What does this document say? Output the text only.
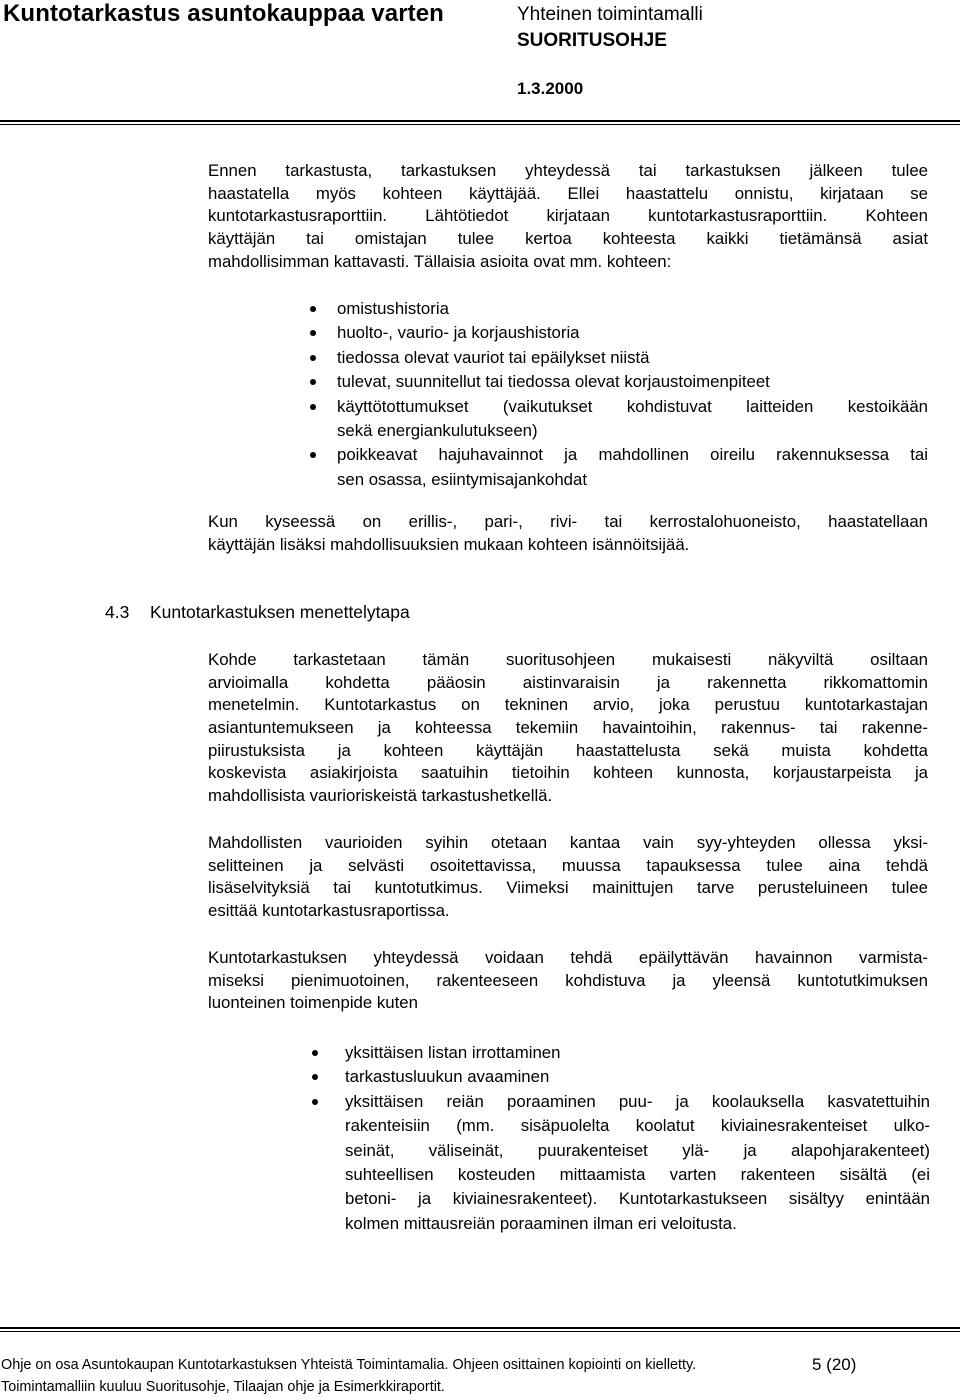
Kuntotarkastus asuntokauppaa varten	Yhteinen toimintamalli
SUORITUSOHJE
1.3.2000
Ennen tarkastusta, tarkastuksen yhteydessä tai tarkastuksen jälkeen tulee
haastatella myös kohteen käyttäjää. Ellei haastattelu onnistu, kirjataan se
kuntotarkastusraporttiin. Lähtötiedot kirjataan kuntotarkastusraporttiin. Kohteen
käyttäjän tai omistajan tulee kertoa kohteesta kaikki tietämänsä asiat
mahdollisimman kattavasti. Tällaisia asioita ovat mm. kohteen:
omistushistoria
huolto-, vaurio- ja korjaushistoria
tiedossa olevat vauriot tai epäilykset niistä
tulevat, suunnitellut tai tiedossa olevat korjaustoimenpiteet
käyttötottumukset (vaikutukset kohdistuvat laitteiden kestoikään
sekä energiankulutukseen)
poikkeavat hajuhavainnot ja mahdollinen oireilu rakennuksessa tai
sen osassa, esiintymisajankohdat
Kun kyseessä on erillis-, pari-, rivi- tai kerrostalohuoneisto, haastatellaan
käyttäjän lisäksi mahdollisuuksien mukaan kohteen isännöitsijää.
4.3 Kuntotarkastuksen menettelytapa
Kohde tarkastetaan tämän suoritusohjeen mukaisesti näkyviltä osiltaan
arvioimalla kohdetta pääosin aistinvaraisin ja rakennetta rikkomattomin
menetelmin. Kuntotarkastus on tekninen arvio, joka perustuu kuntotarkastajan
asiantuntemukseen ja kohteessa tekemiin havaintoihin, rakennus- tai rakenne-
piirustuksista ja kohteen käyttäjän haastattelusta sekä muista kohdetta
koskevista asiakirjoista saatuihin tietoihin kohteen kunnosta, korjaustarpeista ja
mahdollisista vaurioriskeistä tarkastushetkellä.
Mahdollisten vaurioiden syihin otetaan kantaa vain syy-yhteyden ollessa yksi-
selitteinen ja selvästi osoitettavissa, muussa tapauksessa tulee aina tehdä
lisäselvityksiä tai kuntotutkimus. Viimeksi mainittujen tarve perusteluineen tulee
esittää kuntotarkastusraportissa.
Kuntotarkastuksen yhteydessä voidaan tehdä epäilyttävän havainnon varmista-
miseksi pienimuotoinen, rakenteeseen kohdistuva ja yleensä kuntotutkimuksen
luonteinen toimenpide kuten
yksittäisen listan irrottaminen
tarkastusluukun avaaminen
yksittäisen reiän poraaminen puu- ja koolauksella kasvatettuihin
rakenteisiin (mm. sisäpuolelta koolatut kiviainesrakenteiset ulko-
seinät, väliseinät, puurakenteiset ylä- ja alapohjarakenteet)
suhteellisen kosteuden mittaamista varten rakenteen sisältä (ei
betoni- ja kiviainesrakenteet). Kuntotarkastukseen sisältyy enintään
kolmen mittausreiän poraaminen ilman eri veloitusta.
Ohje on osa Asuntokaupan Kuntotarkastuksen Yhteistä Toimintamalia. Ohjeen osittainen kopiointi on kielletty.
Toimintamalliin kuuluu Suoritusohje, Tilaajan ohje ja Esimerkkiraportit.
5 (20)
